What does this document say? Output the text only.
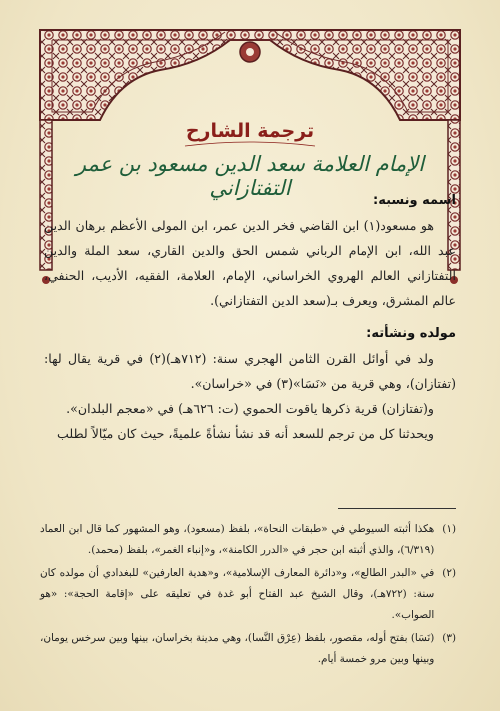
ترجمة الشارح
الإمام العلامة سعد الدين مسعود بن عمر التفتازاني

اسمه ونسبه:

هو مسعود(١) ابن القاضي فخر الدين عمر، ابن المولى الأعظم برهان الدين عبد الله، ابن الإمام الرباني شمس الحق والدين القاري، سعد الملة والدين التفتازاني العالم الهروي الخراساني، الإمام، العلامة، الفقيه، الأديب، الحنفي، عالم المشرق، ويعرف بـ(سعد الدين التفتازاني).

مولده ونشأته:

ولد في أوائل القرن الثامن الهجري سنة: (٧١٢هـ)(٢) في قرية يقال لها: (تفتازان)، وهي قرية من «نَسَا»(٣) في «خراسان».

و(تفتازان) قرية ذكرها ياقوت الحموي (ت: ٦٢٦هـ) في «معجم البلدان».

ويحدثنا كل من ترجم للسعد أنه قد نشأ نشأةً علميةً، حيث كان ميّالاً لطلب

(١)
هكذا أثبته السيوطي في «طبقات النحاة»، بلفظ (مسعود)، وهو المشهور كما قال ابن العماد (٦/٣١٩)، والذي أثبته ابن حجر في «الدرر الكامنة»، و«إنباء الغمر»، بلفظ (محمد).
(٢)
في «البدر الطالع»، و«دائرة المعارف الإسلامية»، و«هدية العارفين» للبغدادي أن مولده كان سنة: (٧٢٢هـ)، وقال الشيخ عبد الفتاح أبو غدة في تعليقه على «إقامة الحجة»: «هو الصواب».
(٣)
(نَسَا) بفتح أوله، مقصور، بلفظ (عِرْق النَّسا)، وهي مدينة بخراسان، بينها وبين سرخس يومان، وبينها وبين مرو خمسة أيام.
